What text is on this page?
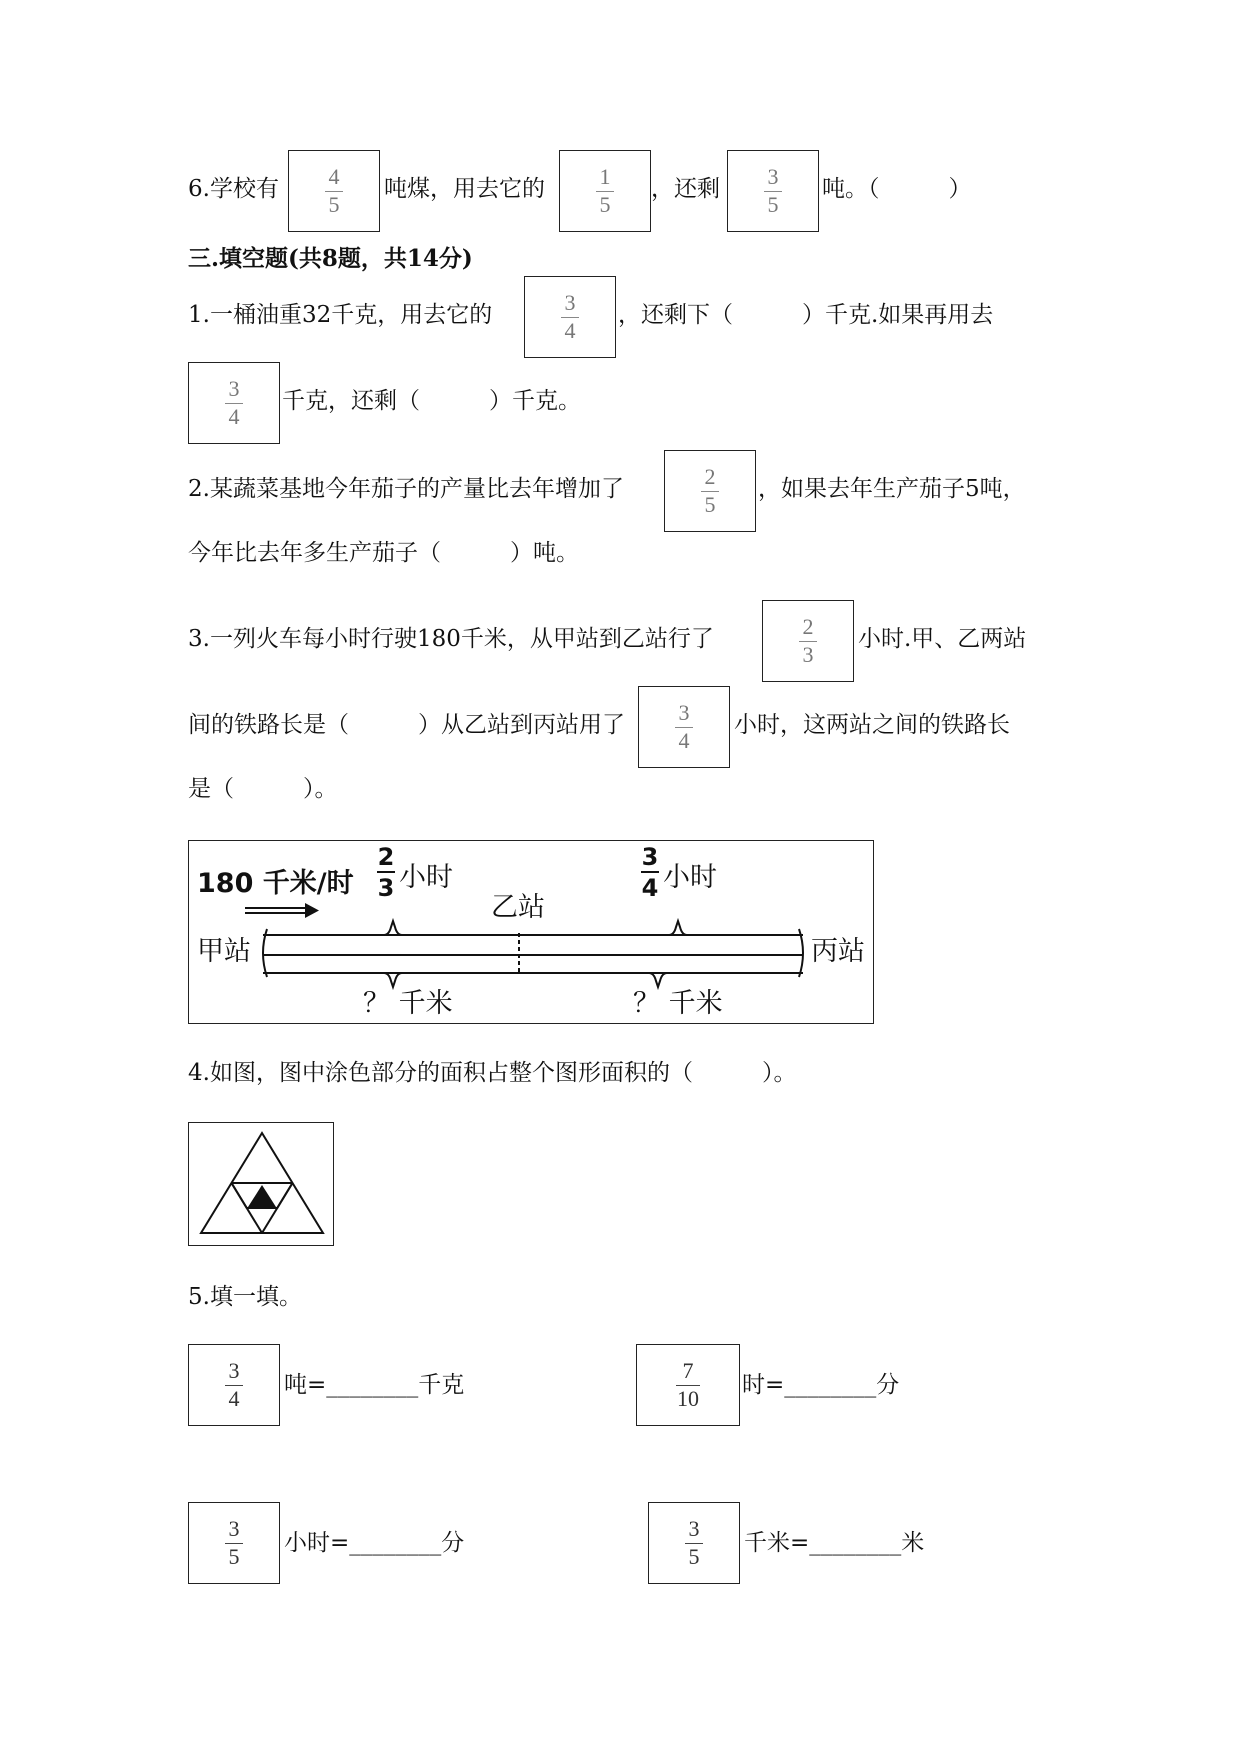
6.学校有 $\frac{4}{5}$ 吨煤，用去它的 $\frac{1}{5}$ ，还剩 $\frac{3}{5}$ 吨。（　　　）
三.填空题(共8题，共14分)
1.一桶油重32千克，用去它的	$\frac{3}{4}$ ，还剩下（　　　）千克.如果再用去
$\frac{3}{4}$ 千克，还剩（　　　）千克。
2.某蔬菜基地今年茄子的产量比去年增加了	$\frac{2}{5}$ ，如果去年生产茄子5吨，
今年比去年多生产茄子（　　　）吨。
3.一列火车每小时行驶180千米，从甲站到乙站行了	$\frac{2}{3}$ 小时.甲、乙两站
间的铁路长是（　　　）从乙站到丙站用了 $\frac{3}{4}$ 小时，这两站之间的铁路长
是（　　　）。
180 千米/时
2
3 小时
3
4 小时
乙站
甲站	丙站
？ 千米	？ 千米
4.如图，图中涂色部分的面积占整个图形面积的（　　　）。
5.填一填。
$\frac{3}{4}$ 吨=________千克	$\frac{7}{10}$ 时=________分
$\frac{3}{5}$ 小时=________分	$\frac{3}{5}$ 千米=________米
